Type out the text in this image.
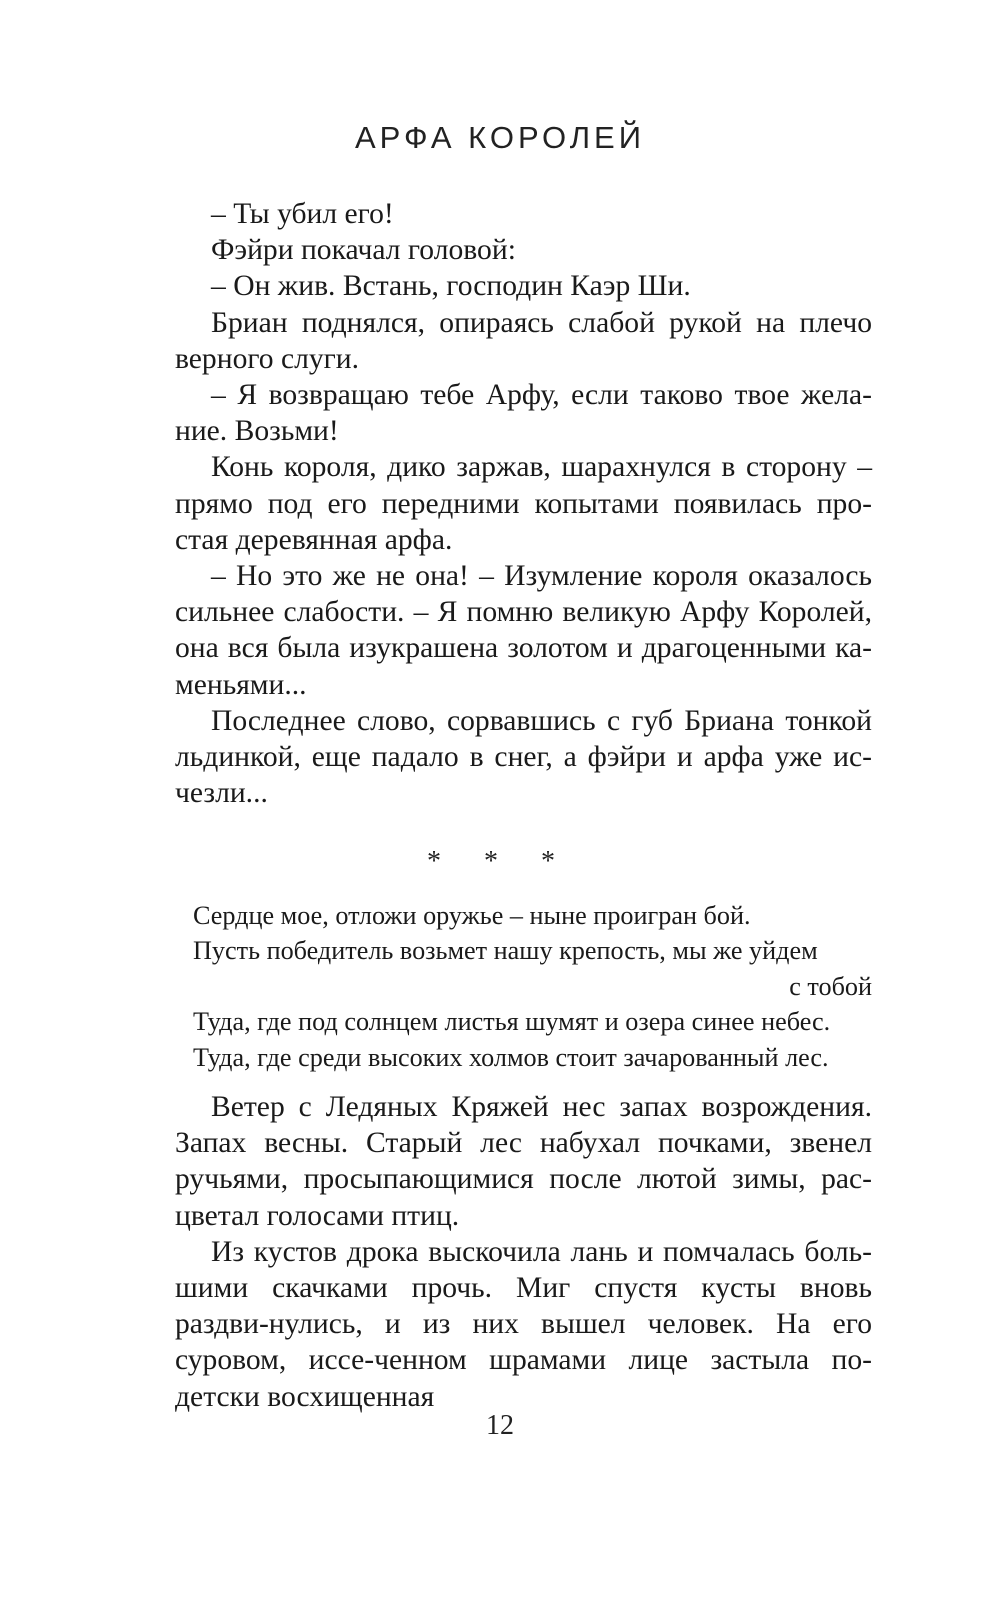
АРФА КОРОЛЕЙ

– Ты убил его!

Фэйри покачал головой:

– Он жив. Встань, господин Каэр Ши.

Бриан поднялся, опираясь слабой рукой на плечо верного слуги.

– Я возвращаю тебе Арфу, если таково твое жела-ние. Возьми!

Конь короля, дико заржав, шарахнулся в сторону – прямо под его передними копытами появилась про-стая деревянная арфа.

– Но это же не она! – Изумление короля оказалось сильнее слабости. – Я помню великую Арфу Королей, она вся была изукрашена золотом и драгоценными ка-меньями...

Последнее слово, сорвавшись с губ Бриана тонкой льдинкой, еще падало в снег, а фэйри и арфа уже ис-чезли...

* * *
Сердце мое, отложи оружье – ныне проигран бой.
Пусть победитель возьмет нашу крепость, мы же уйдем
с тобой
Туда, где под солнцем листья шумят и озера синее небес.
Туда, где среди высоких холмов стоит зачарованный лес.

Ветер с Ледяных Кряжей нес запах возрождения. Запах весны. Старый лес набухал почками, звенел ручьями, просыпающимися после лютой зимы, рас-цветал голосами птиц.

Из кустов дрока выскочила лань и помчалась боль-шими скачками прочь. Миг спустя кусты вновь раздви-нулись, и из них вышел человек. На его суровом, иссе-ченном шрамами лице застыла по-детски восхищенная

12
